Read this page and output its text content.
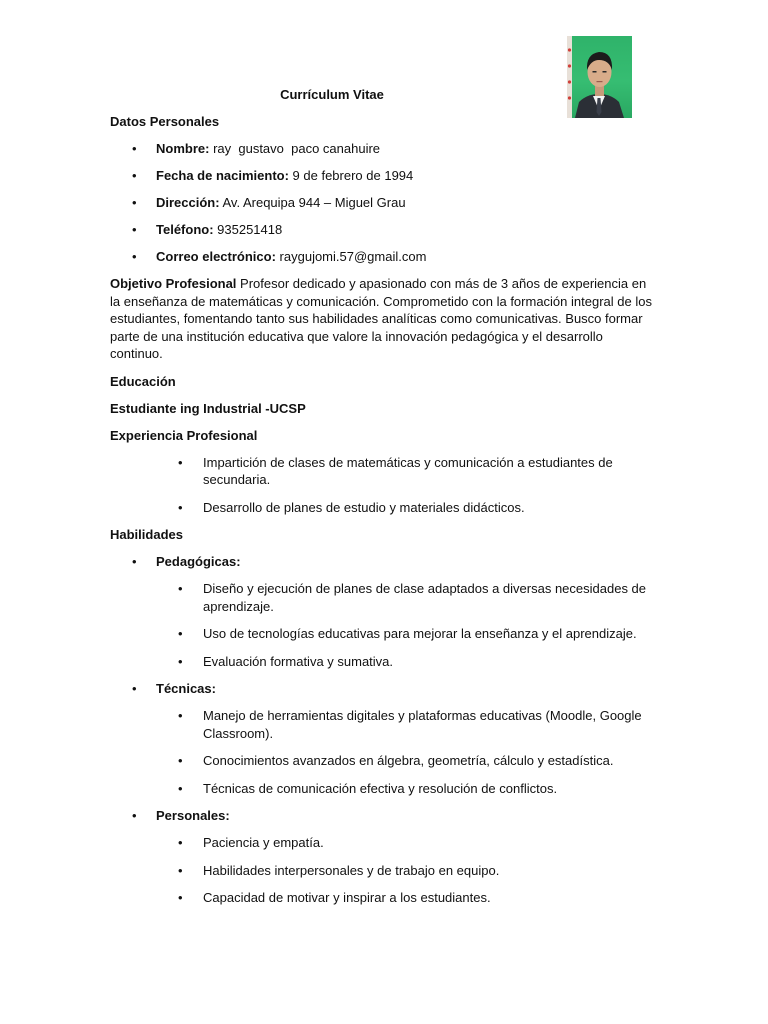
Currículum Vitae
Datos Personales
• Nombre: ray  gustavo  paco canahuire
• Fecha de nacimiento: 9 de febrero de 1994
• Dirección: Av. Arequipa 944 – Miguel Grau
• Teléfono: 935251418
• Correo electrónico: raygujomi.57@gmail.com

Objetivo Profesional Profesor dedicado y apasionado con más de 3 años de experiencia en la enseñanza de matemáticas y comunicación. Comprometido con la formación integral de los estudiantes, fomentando tanto sus habilidades analíticas como comunicativas. Busco formar parte de una institución educativa que valore la innovación pedagógica y el desarrollo continuo.

Educación
Estudiante ing Industrial -UCSP
Experiencia Profesional
• Impartición de clases de matemáticas y comunicación a estudiantes de secundaria.
• Desarrollo de planes de estudio y materiales didácticos.
Habilidades
• Pedagógicas:
• Diseño y ejecución de planes de clase adaptados a diversas necesidades de aprendizaje.
• Uso de tecnologías educativas para mejorar la enseñanza y el aprendizaje.
• Evaluación formativa y sumativa.
• Técnicas:
• Manejo de herramientas digitales y plataformas educativas (Moodle, Google Classroom).
• Conocimientos avanzados en álgebra, geometría, cálculo y estadística.
• Técnicas de comunicación efectiva y resolución de conflictos.
• Personales:
• Paciencia y empatía.
• Habilidades interpersonales y de trabajo en equipo.
• Capacidad de motivar y inspirar a los estudiantes.
